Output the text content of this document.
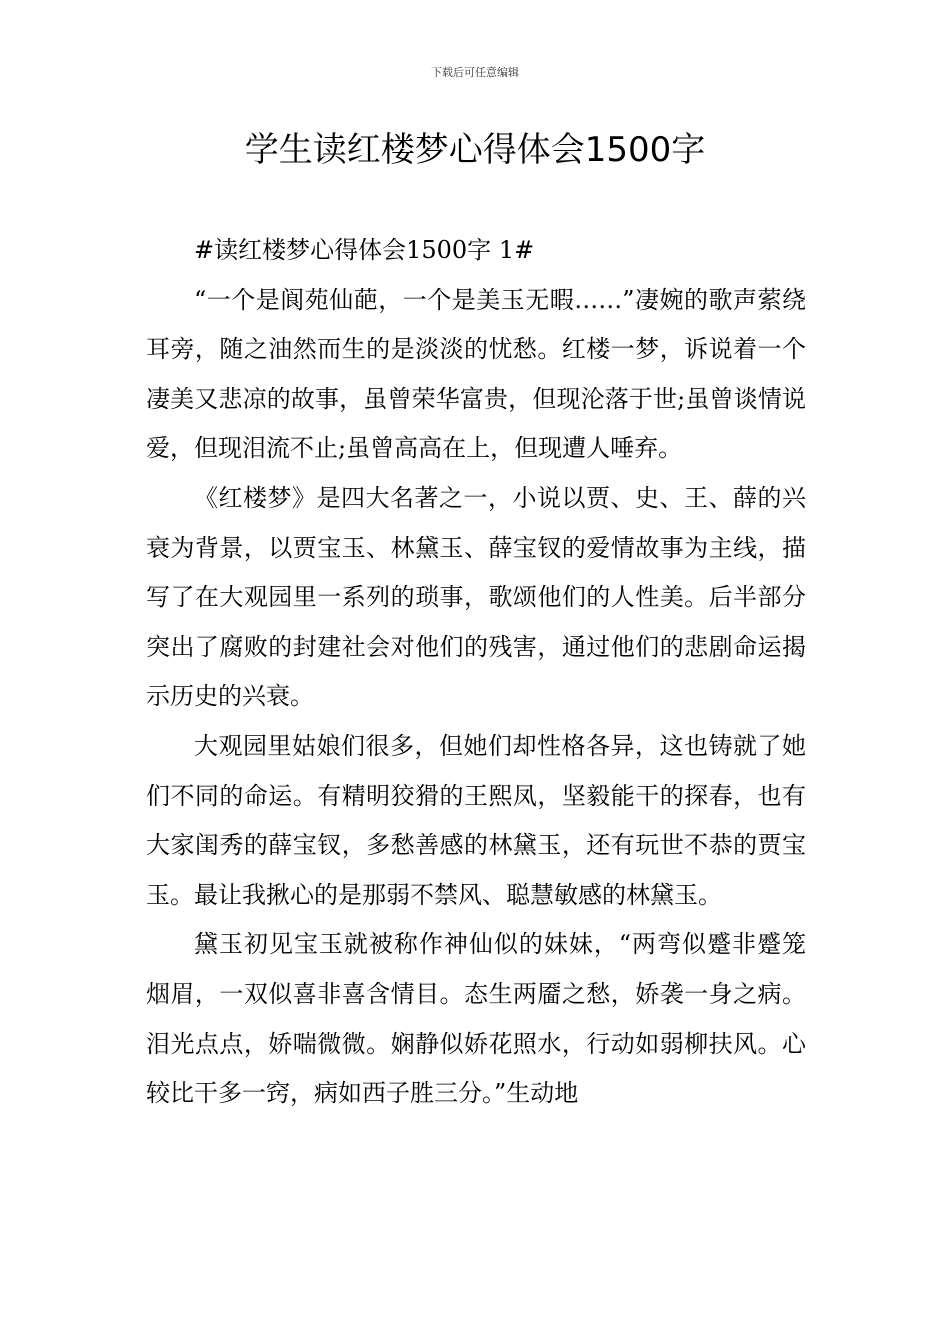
下载后可任意编辑
学生读红楼梦心得体会1500字

#读红楼梦心得体会1500字 1#

“一个是阆苑仙葩，一个是美玉无暇……”凄婉的歌声萦绕耳旁，随之油然而生的是淡淡的忧愁。红楼一梦，诉说着一个凄美又悲凉的故事，虽曾荣华富贵，但现沦落于世;虽曾谈情说爱，但现泪流不止;虽曾高高在上，但现遭人唾弃。

《红楼梦》是四大名著之一，小说以贾、史、王、薛的兴衰为背景，以贾宝玉、林黛玉、薛宝钗的爱情故事为主线，描写了在大观园里一系列的琐事，歌颂他们的人性美。后半部分突出了腐败的封建社会对他们的残害，通过他们的悲剧命运揭示历史的兴衰。

大观园里姑娘们很多，但她们却性格各异，这也铸就了她们不同的命运。有精明狡猾的王熙凤，坚毅能干的探春，也有大家闺秀的薛宝钗，多愁善感的林黛玉，还有玩世不恭的贾宝玉。最让我揪心的是那弱不禁风、聪慧敏感的林黛玉。

黛玉初见宝玉就被称作神仙似的妹妹，“两弯似蹙非蹙笼烟眉，一双似喜非喜含情目。态生两靥之愁，娇袭一身之病。泪光点点，娇喘微微。娴静似娇花照水，行动如弱柳扶风。心较比干多一窍，病如西子胜三分。”生动地
